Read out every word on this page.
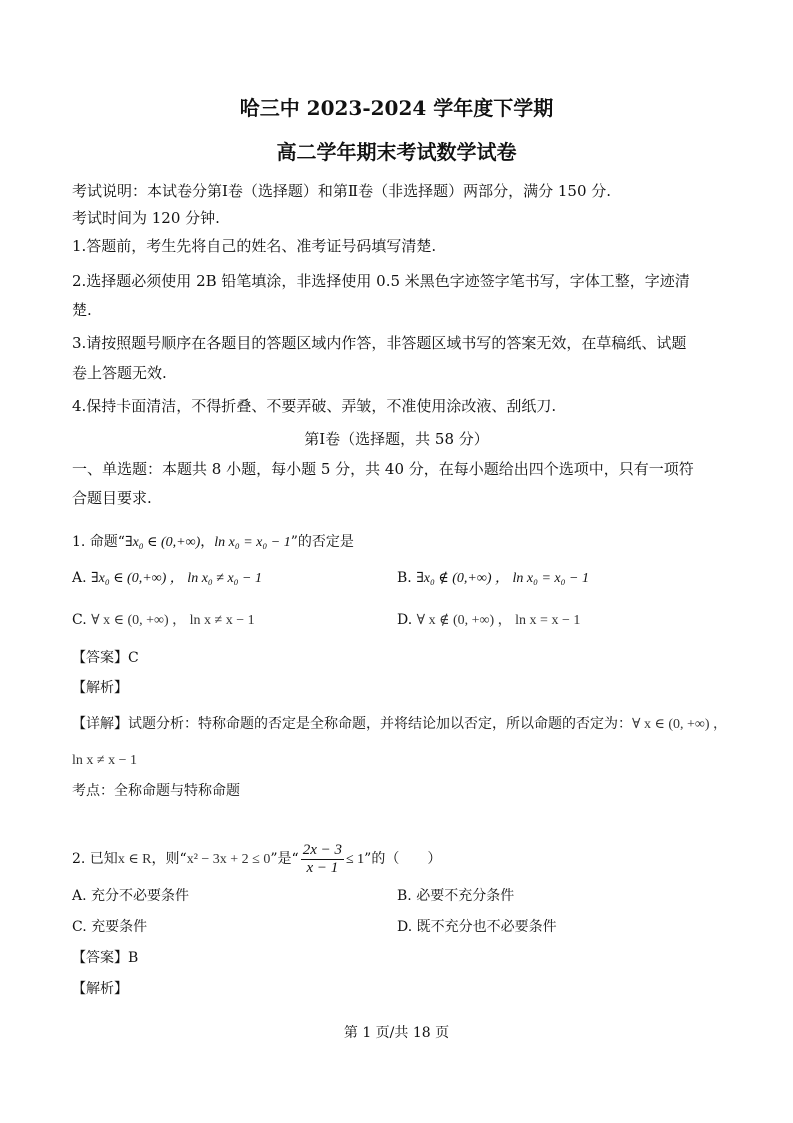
哈三中 2023-2024 学年度下学期
高二学年期末考试数学试卷
考试说明：本试卷分第Ⅰ卷（选择题）和第Ⅱ卷（非选择题）两部分，满分 150 分.
考试时间为 120 分钟.
1.答题前，考生先将自己的姓名、准考证号码填写清楚.
2.选择题必须使用 2B 铅笔填涂，非选择使用 0.5 米黑色字迹签字笔书写，字体工整，字迹清
楚.
3.请按照题号顺序在各题目的答题区域内作答，非答题区域书写的答案无效，在草稿纸、试题
卷上答题无效.
4.保持卡面清洁，不得折叠、不要弄破、弄皱，不准使用涂改液、刮纸刀.
第Ⅰ卷（选择题，共 58 分）
一、单选题：本题共 8 小题，每小题 5 分，共 40 分，在每小题给出四个选项中，只有一项符
合题目要求.
1. 命题“∃x₀ ∈ (0,+∞)，ln x₀ = x₀ − 1”的否定是
A. ∃x₀ ∈ (0,+∞) ， ln x₀ ≠ x₀ − 1	B. ∃x₀ ∉ (0,+∞) ， ln x₀ = x₀ − 1
C. ∀ x ∈ (0, +∞) ， ln x ≠ x − 1	D. ∀ x ∉ (0, +∞) ， ln x = x − 1
【答案】C
【解析】
【详解】试题分析：特称命题的否定是全称命题，并将结论加以否定，所以命题的否定为：∀ x ∈ (0, +∞) ，
ln x ≠ x − 1
考点：全称命题与特称命题
2. 已知x ∈ R，则“x² − 3x + 2 ≤ 0”是“ $\frac{2x - 3}{x - 1} \le 1$”的（　　）
A. 充分不必要条件	B. 必要不充分条件
C. 充要条件	D. 既不充分也不必要条件
【答案】B
【解析】
第 1 页/共 18 页
